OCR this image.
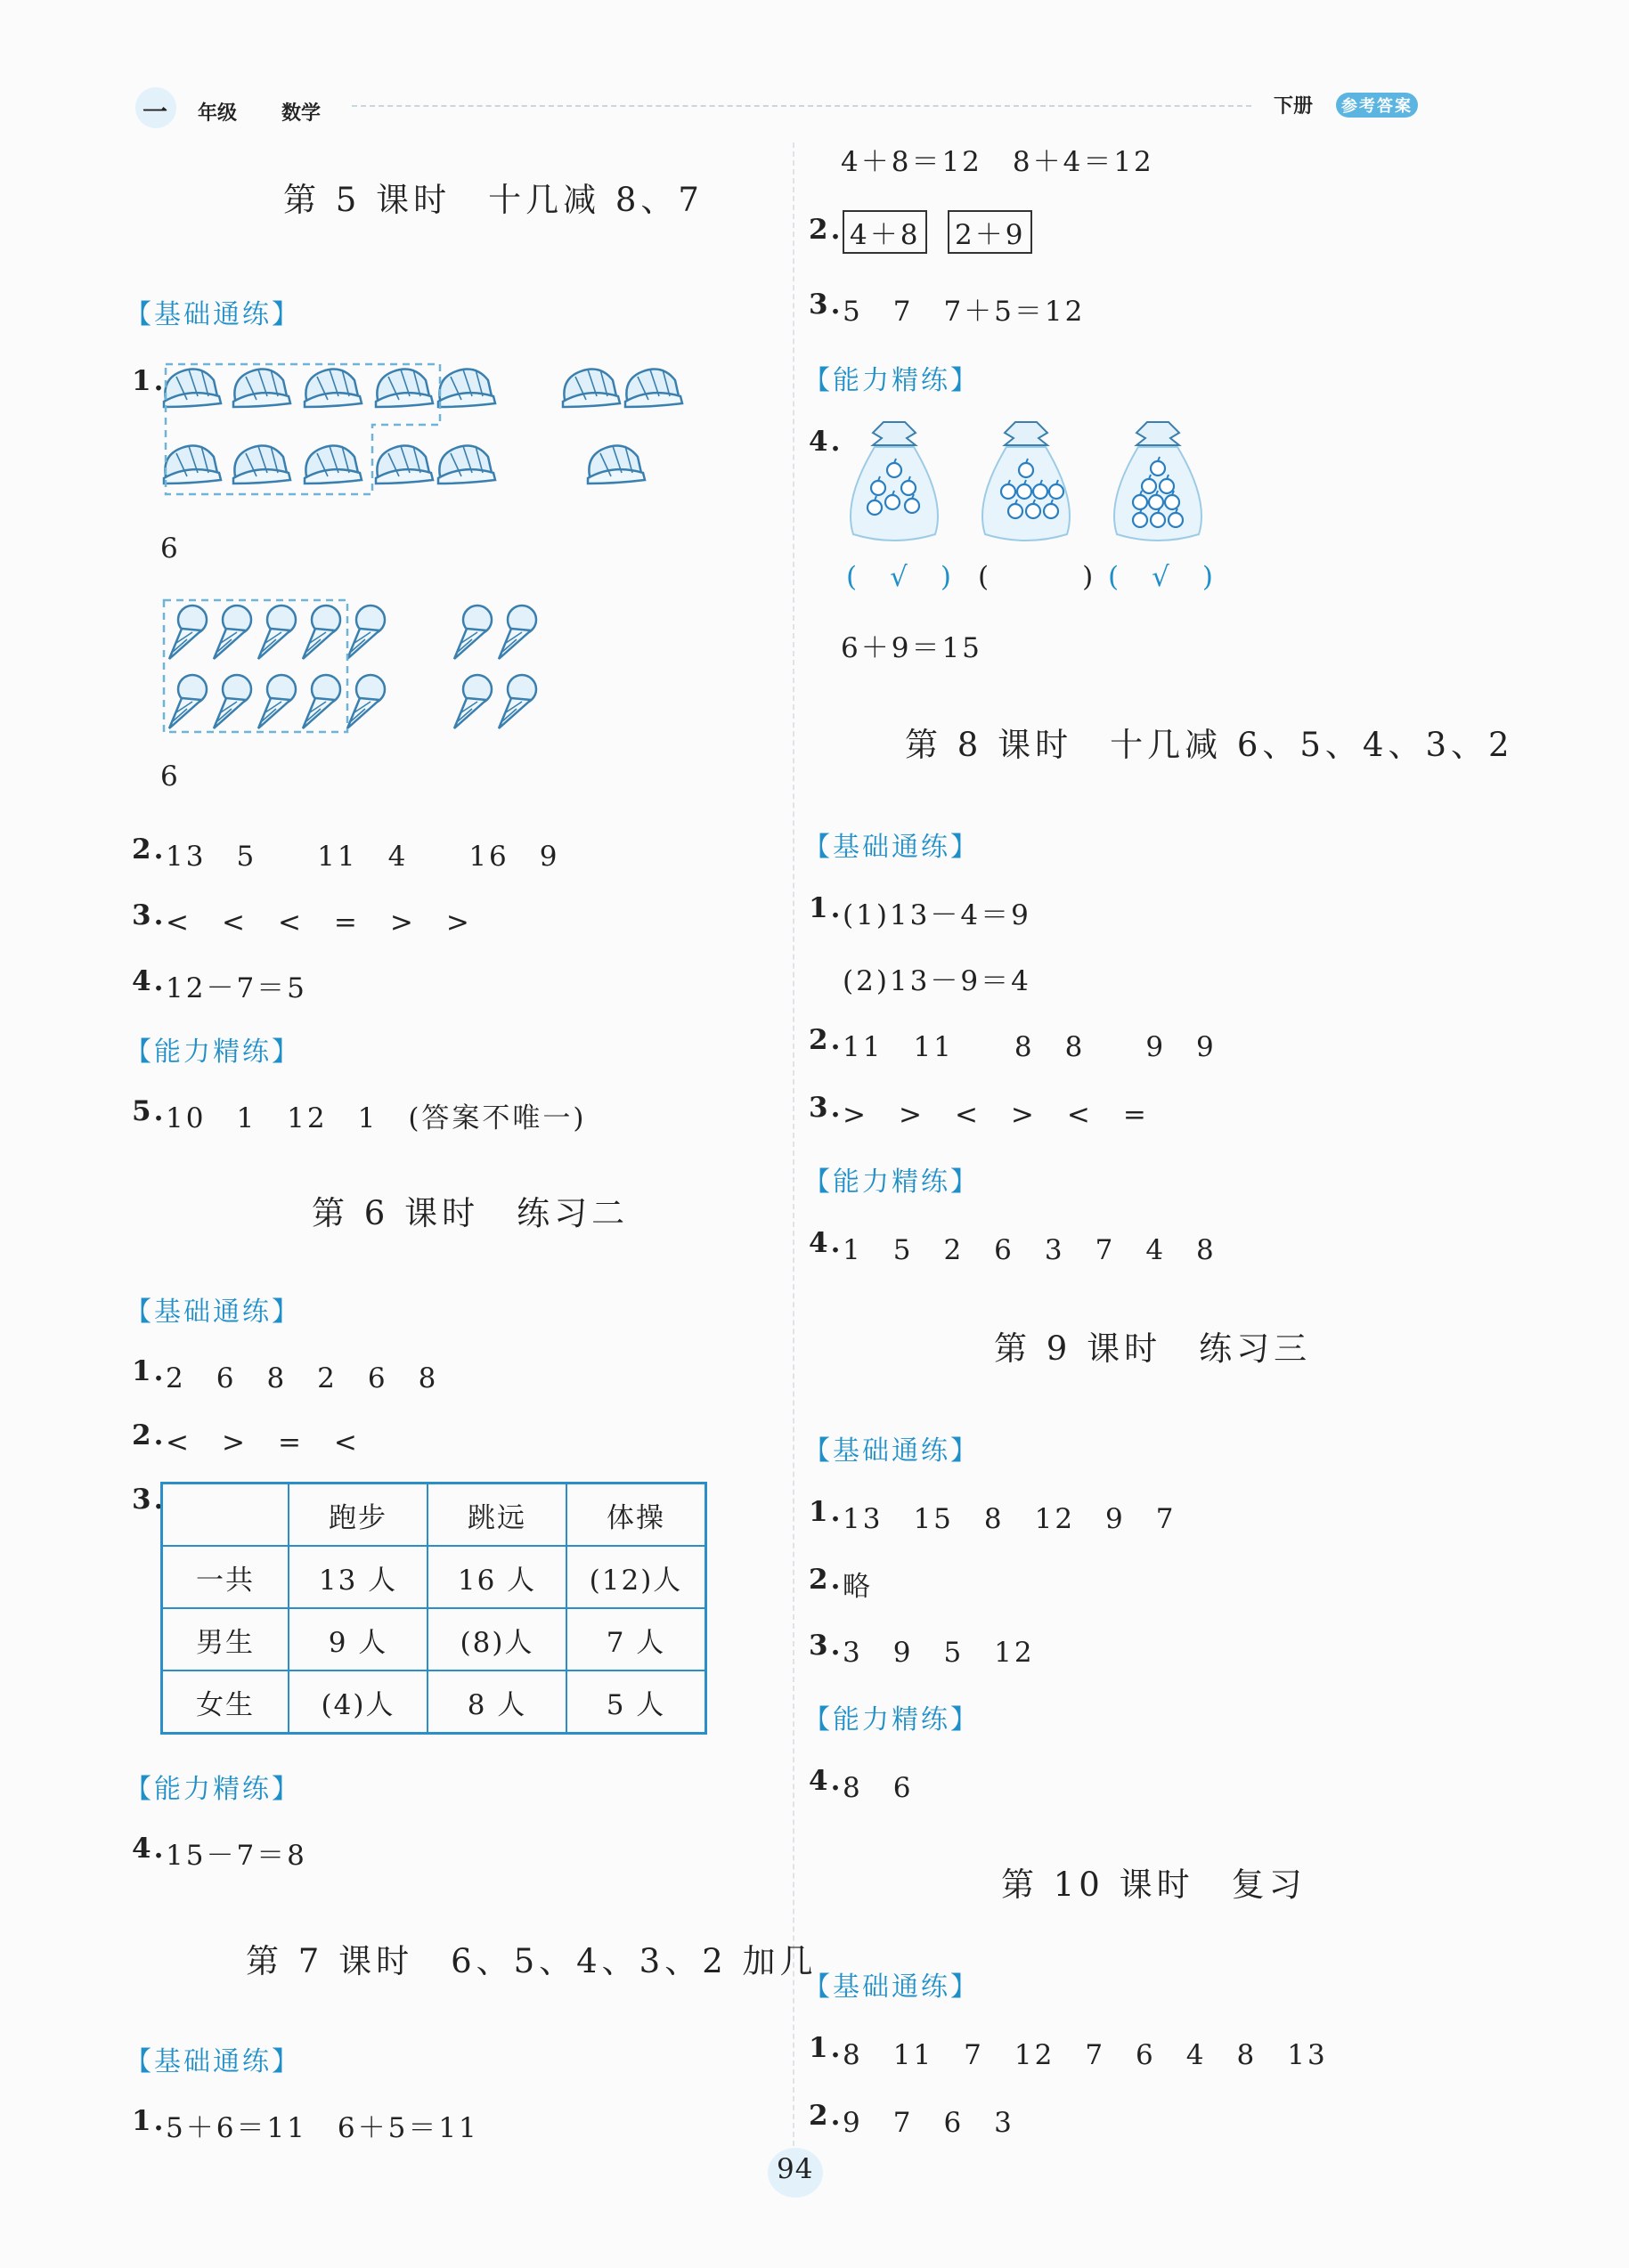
一 年级 数学	下册	参考答案
第 5 课时　十几减 8、7
【基础通练】
1.
6
6
2. 13　5　　11　4　　16　9
3. <　<　<　=　>　>
4. 12－7＝5
【能力精练】
5. 10　1　12　1　(答案不唯一)
第 6 课时　练习二
【基础通练】
1. 2　6　8　2　6　8
2. <　>　=　<
3.
	跑步	跳远	体操
一共	13 人	16 人	(12)人
男生	9 人	(8)人	7 人
女生	(4)人	8 人	5 人
【能力精练】
4. 15－7＝8
第 7 课时　6、5、4、3、2 加几
【基础通练】
1. 5＋6＝11　6＋5＝11
4＋8＝12　8＋4＝12
2. 4＋8 2＋9
3. 5　7　7＋5＝12
【能力精练】
4.
(　√　) (　　　) (　√　)
6＋9＝15
第 8 课时　十几减 6、5、4、3、2
【基础通练】
1. (1)13－4＝9
(2)13－9＝4
2. 11　11　　8　8　　9　9
3. >　>　<　>　<　=
【能力精练】
4. 1　5　2　6　3　7　4　8
第 9 课时　练习三
【基础通练】
1. 13　15　8　12　9　7
2. 略
3. 3　9　5　12
【能力精练】
4. 8　6
第 10 课时　复习
【基础通练】
1. 8　11　7　12　7　6　4　8　13
2. 9　7　6　3
94
